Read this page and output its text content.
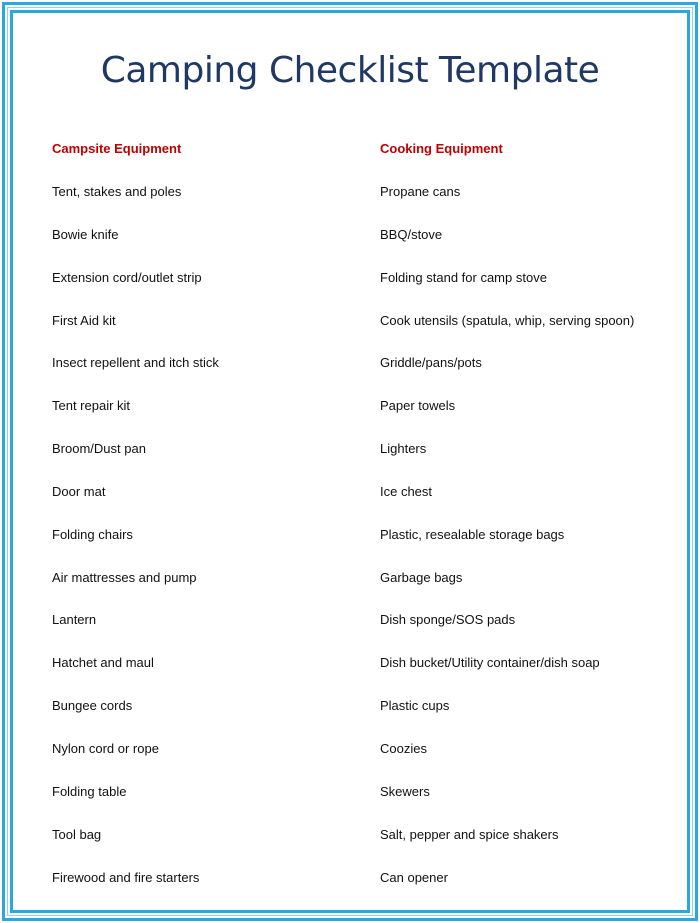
Camping Checklist Template
Campsite Equipment
Tent, stakes and poles
Bowie knife
Extension cord/outlet strip
First Aid kit
Insect repellent and itch stick
Tent repair kit
Broom/Dust pan
Door mat
Folding chairs
Air mattresses and pump
Lantern
Hatchet and maul
Bungee cords
Nylon cord or rope
Folding table
Tool bag
Firewood and fire starters
Cooking Equipment
Propane cans
BBQ/stove
Folding stand for camp stove
Cook utensils (spatula, whip, serving spoon)
Griddle/pans/pots
Paper towels
Lighters
Ice chest
Plastic, resealable storage bags
Garbage bags
Dish sponge/SOS pads
Dish bucket/Utility container/dish soap
Plastic cups
Coozies
Skewers
Salt, pepper and spice shakers
Can opener
